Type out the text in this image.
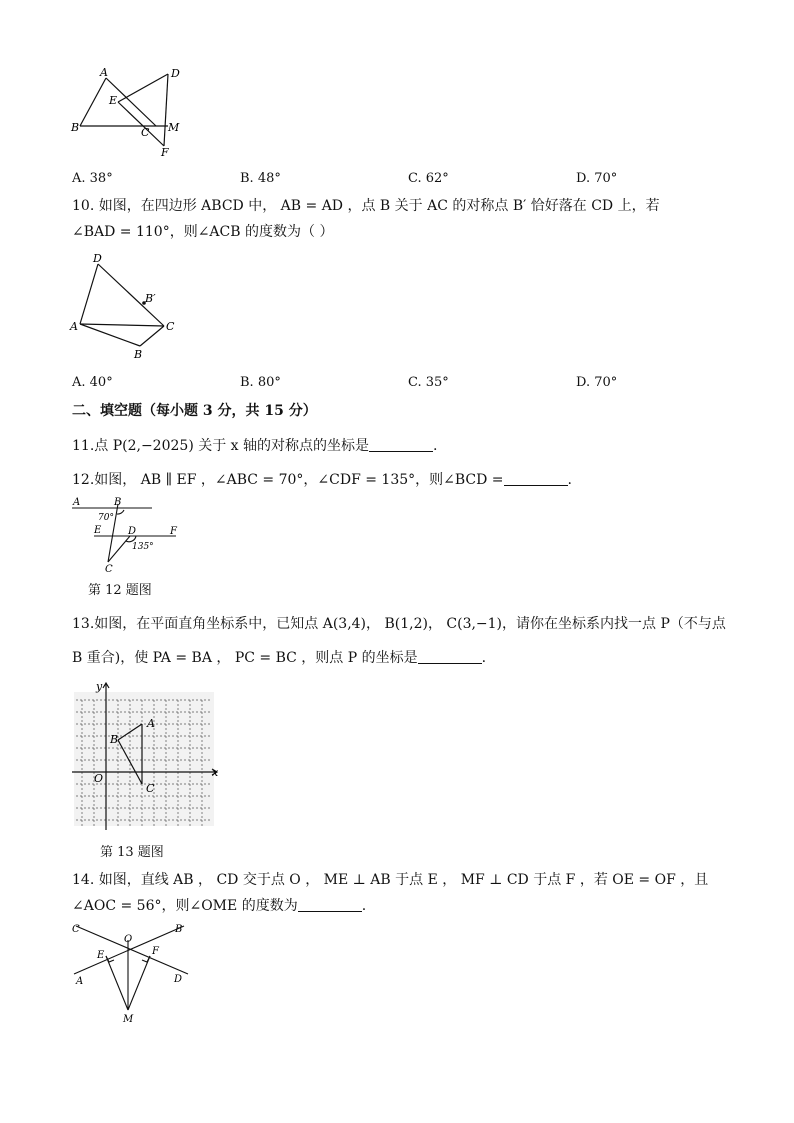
A	D
E
B	C M
F
A. 38°	B. 48°	C. 62°	D. 70°
10. 如图，在四边形 ABCD 中， AB = AD ，点 B 关于 AC 的对称点 B′ 恰好落在 CD 上，若
∠BAD = 110°，则∠ACB 的度数为（ ）
D
B′
A	C
B
A. 40°	B. 80°	C. 35°	D. 70°
二、填空题（每小题 3 分，共 15 分）
11.点 P(2,−2025) 关于 x 轴的对称点的坐标是	.
12.如图， AB ∥ EF ，∠ABC = 70°，∠CDF = 135°，则∠BCD =	.
A	B
70°
E	D	F
135°
C
第 12 题图
13.如图，在平面直角坐标系中，已知点 A(3,4)， B(1,2)， C(3,−1)，请你在坐标系内找一点 P（不与点
B 重合)，使 PA = BA ， PC = BC ，则点 P 的坐标是	.
y
x
O
A
B
C
第 13 题图
14. 如图，直线 AB ， CD 交于点 O ， ME ⊥ AB 于点 E ， MF ⊥ CD 于点 F ，若 OE = OF ，且
∠AOC = 56°，则∠OME 的度数为	.
C	B
O
E	F
A	D
M
